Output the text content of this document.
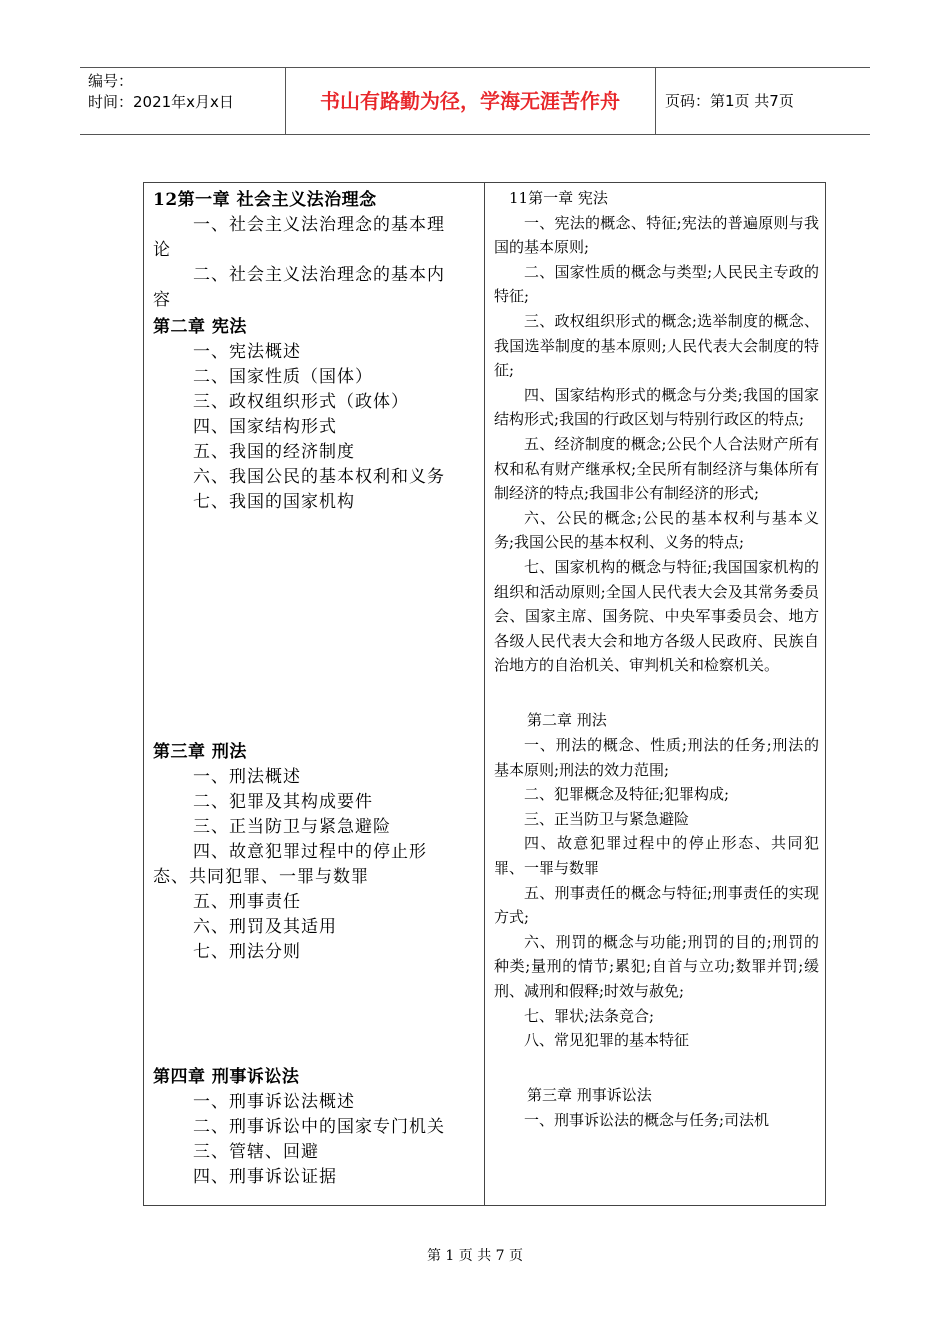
编号：
时间：2021年x月x日	书山有路勤为径，学海无涯苦作舟	页码：第1页 共7页
12第一章 社会主义法治理念
一、社会主义法治理念的基本理
论
二、社会主义法治理念的基本内
容
第二章 宪法
一、宪法概述
二、国家性质（国体）
三、政权组织形式（政体）
四、国家结构形式
五、我国的经济制度
六、我国公民的基本权利和义务
七、我国的国家机构
第三章 刑法
一、刑法概述
二、犯罪及其构成要件
三、正当防卫与紧急避险
四、故意犯罪过程中的停止形
态、共同犯罪、一罪与数罪
五、刑事责任
六、刑罚及其适用
七、刑法分则
第四章 刑事诉讼法
一、刑事诉讼法概述
二、刑事诉讼中的国家专门机关
三、管辖、回避
四、刑事诉讼证据
11第一章 宪法
一、宪法的概念、特征;宪法的普遍原则与我国的基本原则;
二、国家性质的概念与类型;人民民主专政的特征;
三、政权组织形式的概念;选举制度的概念、我国选举制度的基本原则;人民代表大会制度的特征;
四、国家结构形式的概念与分类;我国的国家结构形式;我国的行政区划与特别行政区的特点;
五、经济制度的概念;公民个人合法财产所有权和私有财产继承权;全民所有制经济与集体所有制经济的特点;我国非公有制经济的形式;
六、公民的概念;公民的基本权利与基本义务;我国公民的基本权利、义务的特点;
七、国家机构的概念与特征;我国国家机构的组织和活动原则;全国人民代表大会及其常务委员会、国家主席、国务院、中央军事委员会、地方各级人民代表大会和地方各级人民政府、民族自治地方的自治机关、审判机关和检察机关。
第二章 刑法
一、刑法的概念、性质;刑法的任务;刑法的基本原则;刑法的效力范围;
二、犯罪概念及特征;犯罪构成;
三、正当防卫与紧急避险
四、故意犯罪过程中的停止形态、共同犯罪、一罪与数罪
五、刑事责任的概念与特征;刑事责任的实现方式;
六、刑罚的概念与功能;刑罚的目的;刑罚的种类;量刑的情节;累犯;自首与立功;数罪并罚;缓刑、减刑和假释;时效与赦免;
七、罪状;法条竞合;
八、常见犯罪的基本特征
第三章 刑事诉讼法
一、刑事诉讼法的概念与任务;司法机
第 1 页 共 7 页
